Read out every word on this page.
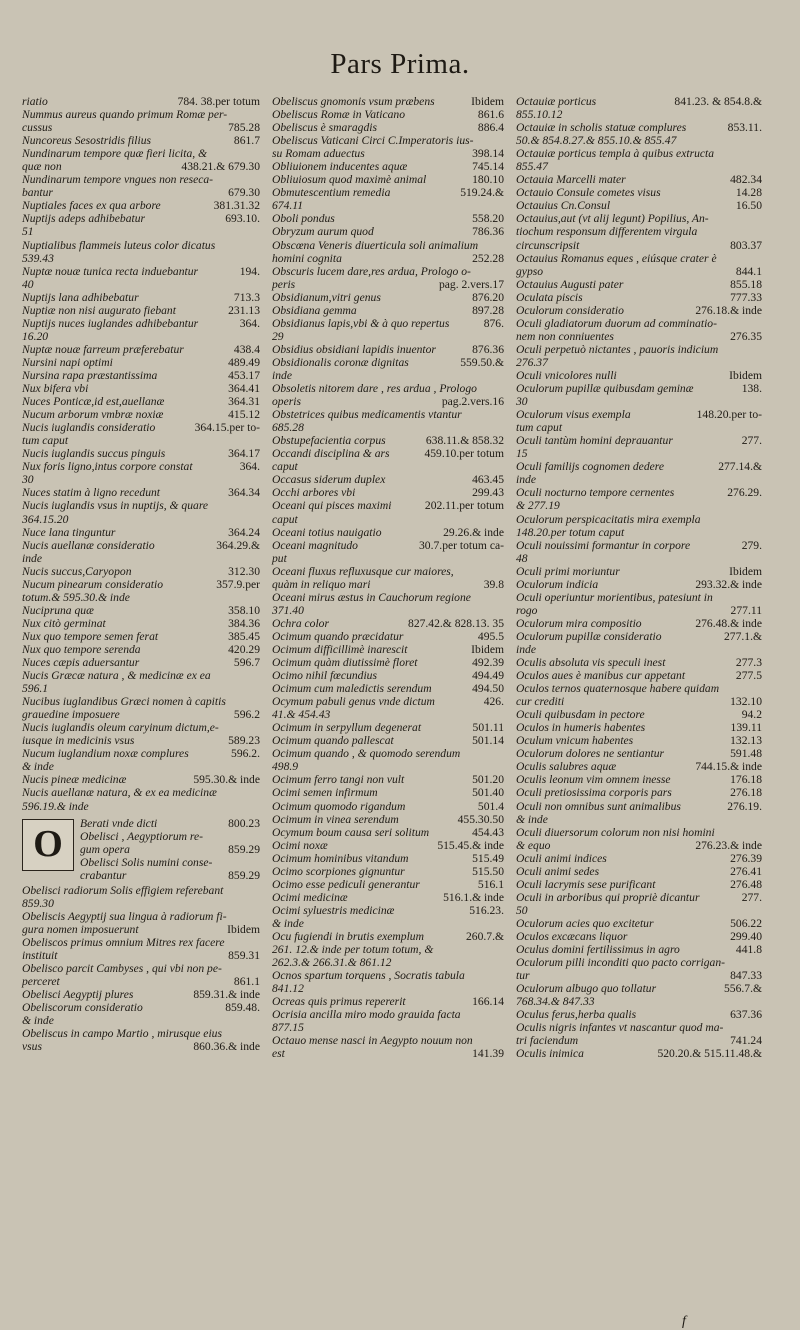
Pars Prima.
riatio	784. 38.per totum
Nummus aureus quando primum Romæ per-
cussus	785.28
Nuncoreus Sesostridis filius	861.7
Nundinarum tempore quæ fieri licita, &
quæ non	438.21.& 679.30
Nundinarum tempore vngues non reseca-
bantur	679.30
Nuptiales faces ex qua arbore	381.31.32
Nuptijs adeps adhibebatur	693.10.
51
Nuptialibus flammeis luteus color dicatus
539.43
Nuptæ nouæ tunica recta induebantur	194.
40
Nuptijs lana adhibebatur	713.3
Nuptiæ non nisi augurato fiebant	231.13
Nuptijs nuces iuglandes adhibebantur	364.
16.20
Nuptæ nouæ farreum præferebatur	438.4
Nursini napi optimi	489.49
Nursina rapa præstantissima	453.17
Nux bifera vbi	364.41
Nuces Ponticæ,id est,auellanæ	364.31
Nucum arborum vmbræ noxiæ	415.12
Nucis iuglandis consideratio	364.15.per to-
tum caput
Nucis iuglandis succus pinguis	364.17
Nux foris ligno,intus corpore constat	364.
30
Nuces statim à ligno recedunt	364.34
Nucis iuglandis vsus in nuptijs, & quare
364.15.20
Nuce lana tinguntur	364.24
Nucis auellanæ consideratio	364.29.&
inde
Nucis succus,Caryopon	312.30
Nucum pinearum consideratio	357.9.per
totum.& 595.30.& inde
Nucipruna quæ	358.10
Nux citò germinat	384.36
Nux quo tempore semen ferat	385.45
Nux quo tempore serenda	420.29
Nuces cæpis aduersantur	596.7
Nucis Græcæ natura , & medicinæ ex ea
596.1
Nucibus iuglandibus Græci nomen à capitis
grauedine imposuere	596.2
Nucis iuglandis oleum caryinum dictum,e-
iusque in medicinis vsus	589.23
Nucum iuglandium noxæ complures	596.2.
& inde
Nucis pineæ medicinæ	595.30.& inde
Nucis auellanæ natura, & ex ea medicinæ
596.19.& inde
O	Berati vnde dicti	800.23
Obelisci , Aegyptiorum re-
gum opera	859.29
Obelisci Solis numini conse-
crabantur	859.29
Obelisci radiorum Solis effigiem referebant
859.30
Obeliscis Aegyptij sua lingua à radiorum fi-
gura nomen imposuerunt	Ibidem
Obeliscos primus omnium Mitres rex facere
instituit	859.31
Obelisco parcit Cambyses , qui vbi non pe-
perceret	861.1
Obelisci Aegyptij plures	859.31.& inde
Obeliscorum consideratio	859.48.
& inde
Obeliscus in campo Martio , mirusque eius
vsus	860.36.& inde
Obeliscus gnomonis vsum præbens	Ibidem
Obeliscus Romæ in Vaticano	861.6
Obeliscus è smaragdis	886.4
Obeliscus Vaticani Circi C.Imperatoris ius-
su Romam aduectus	398.14
Obliuionem inducentes aquæ	745.14
Obliuiosum quod maximè animal	180.10
Obmutescentium remedia	519.24.&
674.11
Oboli pondus	558.20
Obryzum aurum quod	786.36
Obscœna Veneris diuerticula soli animalium
homini cognita	252.28
Obscuris lucem dare,res ardua, Prologo o-
peris	pag. 2.vers.17
Obsidianum,vitri genus	876.20
Obsidiana gemma	897.28
Obsidianus lapis,vbi & à quo repertus	876.
29
Obsidius obsidiani lapidis inuentor	876.36
Obsidionalis coronæ dignitas	559.50.&
inde
Obsoletis nitorem dare , res ardua , Prologo
operis	pag.2.vers.16
Obstetrices quibus medicamentis vtantur
685.28
Obstupefacientia corpus	638.11.& 858.32
Occandi disciplina & ars	459.10.per totum
caput
Occasus siderum duplex	463.45
Occhi arbores vbi	299.43
Oceani qui pisces maximi	202.11.per totum
caput
Oceani totius nauigatio	29.26.& inde
Oceani magnitudo	30.7.per totum ca-
put
Oceani fluxus refluxusque cur maiores,
quàm in reliquo mari	39.8
Oceani mirus æstus in Cauchorum regione
371.40
Ochra color	827.42.& 828.13. 35
Ocimum quando præcidatur	495.5
Ocimum difficillimè inarescit	Ibidem
Ocimum quàm diutissimè floret	492.39
Ocimo nihil fœcundius	494.49
Ocimum cum maledictis serendum	494.50
Ocymum pabuli genus vnde dictum	426.
41.& 454.43
Ocimum in serpyllum degenerat	501.11
Ocimum quando pallescat	501.14
Ocimum quando , & quomodo serendum
498.9
Ocimum ferro tangi non vult	501.20
Ocimi semen infirmum	501.40
Ocimum quomodo rigandum	501.4
Ocimum in vinea serendum	455.30.50
Ocymum boum causa seri solitum	454.43
Ocimi noxæ	515.45.& inde
Ocimum hominibus vitandum	515.49
Ocimo scorpiones gignuntur	515.50
Ocimo esse pediculi generantur	516.1
Ocimi medicinæ	516.1.& inde
Ocimi syluestris medicinæ	516.23.
& inde
Ocu fugiendi in brutis exemplum	260.7.&
261. 12.& inde per totum totum, &
262.3.& 266.31.& 861.12
Ocnos spartum torquens , Socratis tabula
841.12
Ocreas quis primus repererit	166.14
Ocrisia ancilla miro modo grauida facta
877.15
Octauo mense nasci in Aegypto nouum non
est	141.39
Octauiæ porticus	841.23. & 854.8.&
855.10.12
Octauiæ in scholis statuæ complures	853.11.
50.& 854.8.27.& 855.10.& 855.47
Octauiæ porticus templa à quibus extructa
855.47
Octauia Marcelli mater	482.34
Octauio Consule cometes visus	14.28
Octauius Cn.Consul	16.50
Octauius,aut (vt alij legunt) Popilius, An-
tiochum responsum differentem virgula
circunscripsit	803.37
Octauius Romanus eques , eiúsque crater è
gypso	844.1
Octauius Augusti pater	855.18
Oculata piscis	777.33
Oculorum consideratio	276.18.& inde
Oculi gladiatorum duorum ad comminatio-
nem non conniuentes	276.35
Oculi perpetuò nictantes , pauoris indicium
276.37
Oculi vnicolores nulli	Ibidem
Oculorum pupillæ quibusdam geminæ	138.
30
Oculorum visus exempla	148.20.per to-
tum caput
Oculi tantùm homini deprauantur	277.
15
Oculi familijs cognomen dedere	277.14.&
inde
Oculi nocturno tempore cernentes	276.29.
& 277.19
Oculorum perspicacitatis mira exempla
148.20.per totum caput
Oculi nouissimi formantur in corpore	279.
48
Oculi primi moriuntur	Ibidem
Oculorum indicia	293.32.& inde
Oculi operiuntur morientibus, patesiunt in
rogo	277.11
Oculorum mira compositio	276.48.& inde
Oculorum pupillæ consideratio	277.1.&
inde
Oculis absoluta vis speculi inest	277.3
Oculos aues è manibus cur appetant	277.5
Oculos ternos quaternosque habere quidam
cur crediti	132.10
Oculi quibusdam in pectore	94.2
Oculos in humeris habentes	139.11
Oculum vnicum habentes	132.13
Oculorum dolores ne sentiantur	591.48
Oculis salubres aquæ	744.15.& inde
Oculis leonum vim omnem inesse	176.18
Oculi pretiosissima corporis pars	276.18
Oculi non omnibus sunt animalibus	276.19.
& inde
Oculi diuersorum colorum non nisi homini
& equo	276.23.& inde
Oculi animi indices	276.39
Oculi animi sedes	276.41
Oculi lacrymis sese purificant	276.48
Oculi in arboribus qui propriè dicantur	277.
50
Oculorum acies quo excitetur	506.22
Oculos excæcans liquor	299.40
Oculus domini fertilissimus in agro	441.8
Oculorum pilli inconditi quo pacto corrigan-
tur	847.33
Oculorum albugo quo tollatur	556.7.&
768.34.& 847.33
Oculus ferus,herba qualis	637.36
Oculis nigris infantes vt nascantur quod ma-
tri faciendum	741.24
Oculis inimica	520.20.& 515.11.48.&
f
